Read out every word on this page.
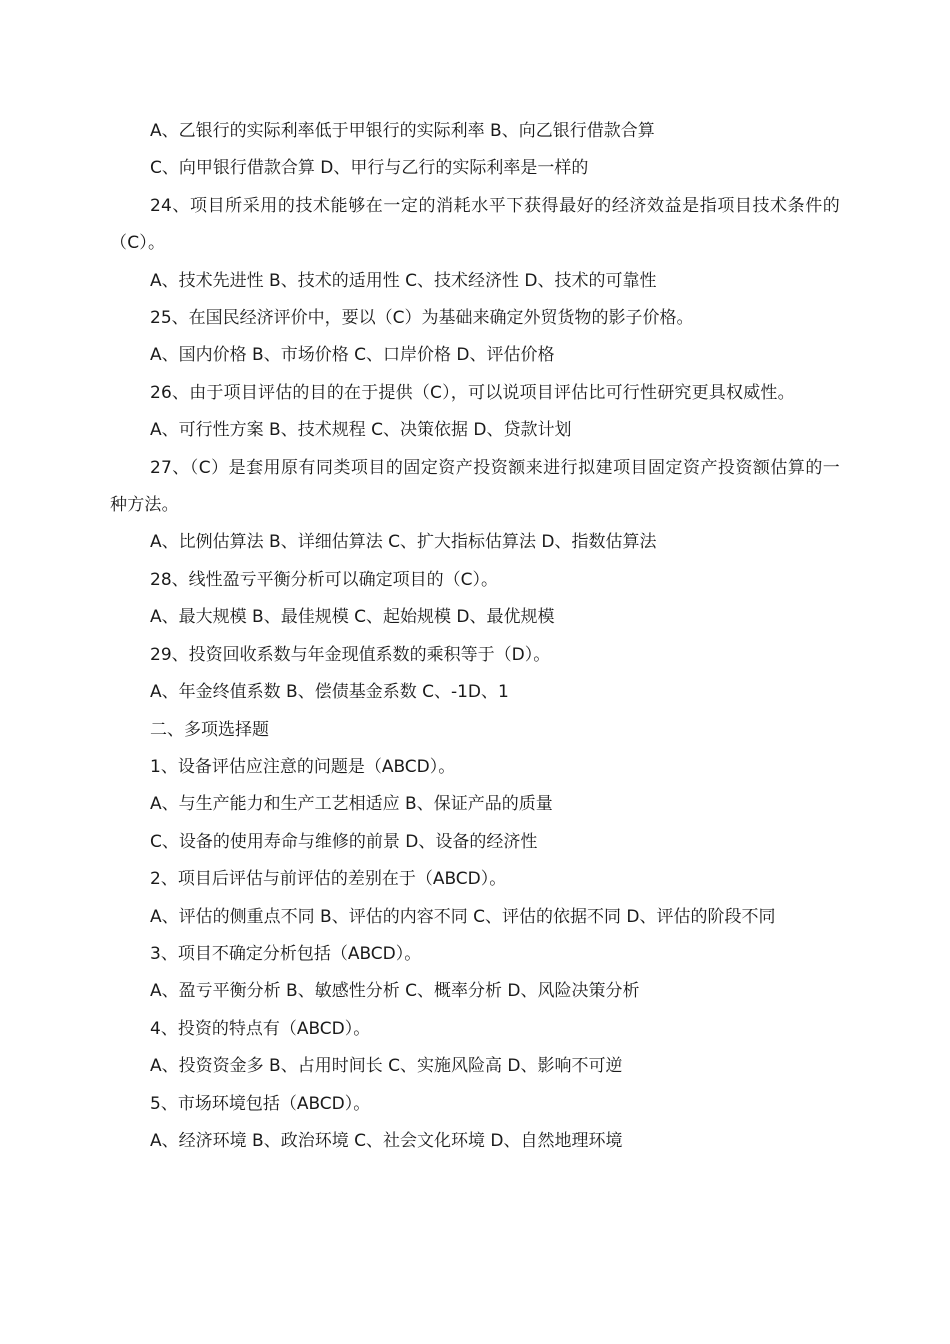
A、乙银行的实际利率低于甲银行的实际利率 B、向乙银行借款合算

C、向甲银行借款合算 D、甲行与乙行的实际利率是一样的

24、项目所采用的技术能够在一定的消耗水平下获得最好的经济效益是指项目技术条件的（C）。

A、技术先进性 B、技术的适用性 C、技术经济性 D、技术的可靠性

25、在国民经济评价中，要以（C）为基础来确定外贸货物的影子价格。

A、国内价格 B、市场价格 C、口岸价格 D、评估价格

26、由于项目评估的目的在于提供（C），可以说项目评估比可行性研究更具权威性。

A、可行性方案 B、技术规程 C、决策依据 D、贷款计划

27、（C）是套用原有同类项目的固定资产投资额来进行拟建项目固定资产投资额估算的一种方法。

A、比例估算法 B、详细估算法 C、扩大指标估算法 D、指数估算法

28、线性盈亏平衡分析可以确定项目的（C）。

A、最大规模 B、最佳规模 C、起始规模 D、最优规模

29、投资回收系数与年金现值系数的乘积等于（D）。

A、年金终值系数 B、偿债基金系数 C、-1D、1

二、多项选择题

1、设备评估应注意的问题是（ABCD）。

A、与生产能力和生产工艺相适应 B、保证产品的质量

C、设备的使用寿命与维修的前景 D、设备的经济性

2、项目后评估与前评估的差别在于（ABCD）。

A、评估的侧重点不同 B、评估的内容不同 C、评估的依据不同 D、评估的阶段不同

3、项目不确定分析包括（ABCD）。

A、盈亏平衡分析 B、敏感性分析 C、概率分析 D、风险决策分析

4、投资的特点有（ABCD）。

A、投资资金多 B、占用时间长 C、实施风险高 D、影响不可逆

5、市场环境包括（ABCD）。

A、经济环境 B、政治环境 C、社会文化环境 D、自然地理环境
